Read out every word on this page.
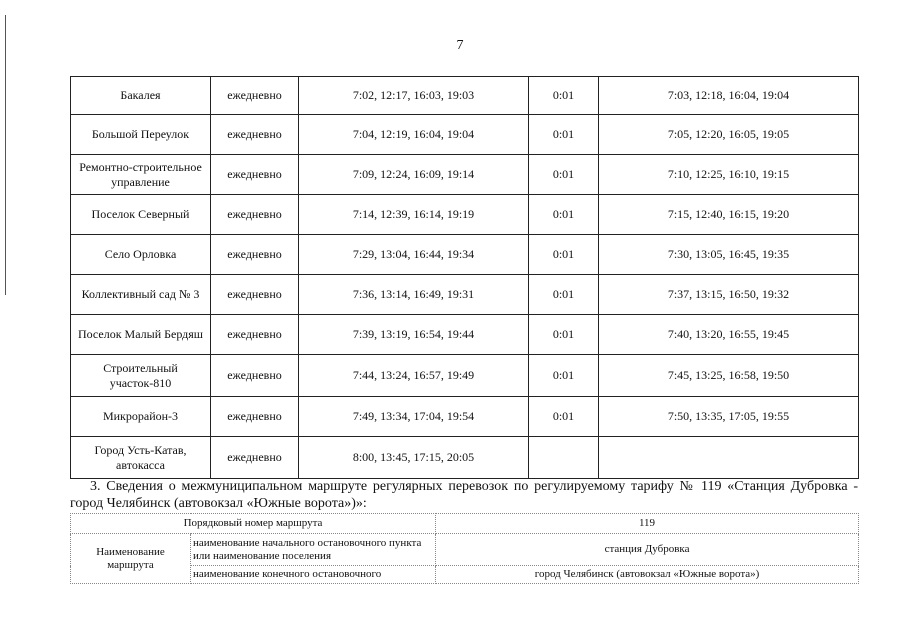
7
Бакалея	ежедневно	7:02, 12:17, 16:03, 19:03	0:01	7:03, 12:18, 16:04, 19:04
Большой Переулок	ежедневно	7:04, 12:19, 16:04, 19:04	0:01	7:05, 12:20, 16:05, 19:05
Ремонтно-строительное управление	ежедневно	7:09, 12:24, 16:09, 19:14	0:01	7:10, 12:25, 16:10, 19:15
Поселок Северный	ежедневно	7:14, 12:39, 16:14, 19:19	0:01	7:15, 12:40, 16:15, 19:20
Село Орловка	ежедневно	7:29, 13:04, 16:44, 19:34	0:01	7:30, 13:05, 16:45, 19:35
Коллективный сад № 3	ежедневно	7:36, 13:14, 16:49, 19:31	0:01	7:37, 13:15, 16:50, 19:32
Поселок Малый Бердяш	ежедневно	7:39, 13:19, 16:54, 19:44	0:01	7:40, 13:20, 16:55, 19:45
Строительный участок-810	ежедневно	7:44, 13:24, 16:57, 19:49	0:01	7:45, 13:25, 16:58, 19:50
Микрорайон-3	ежедневно	7:49, 13:34, 17:04, 19:54	0:01	7:50, 13:35, 17:05, 19:55
Город Усть-Катав, автокасса	ежедневно	8:00, 13:45, 17:15, 20:05		
3. Сведения о межмуниципальном маршруте регулярных перевозок по регулируемому тарифу № 119 «Станция Дубровка - город Челябинск (автовокзал «Южные ворота»)»:
Порядковый номер маршрута		119
Наименование маршрута	наименование начального остановочного пункта или наименование поселения	станция Дубровка
	наименование конечного остановочного	город Челябинск (автовокзал «Южные ворота»)
